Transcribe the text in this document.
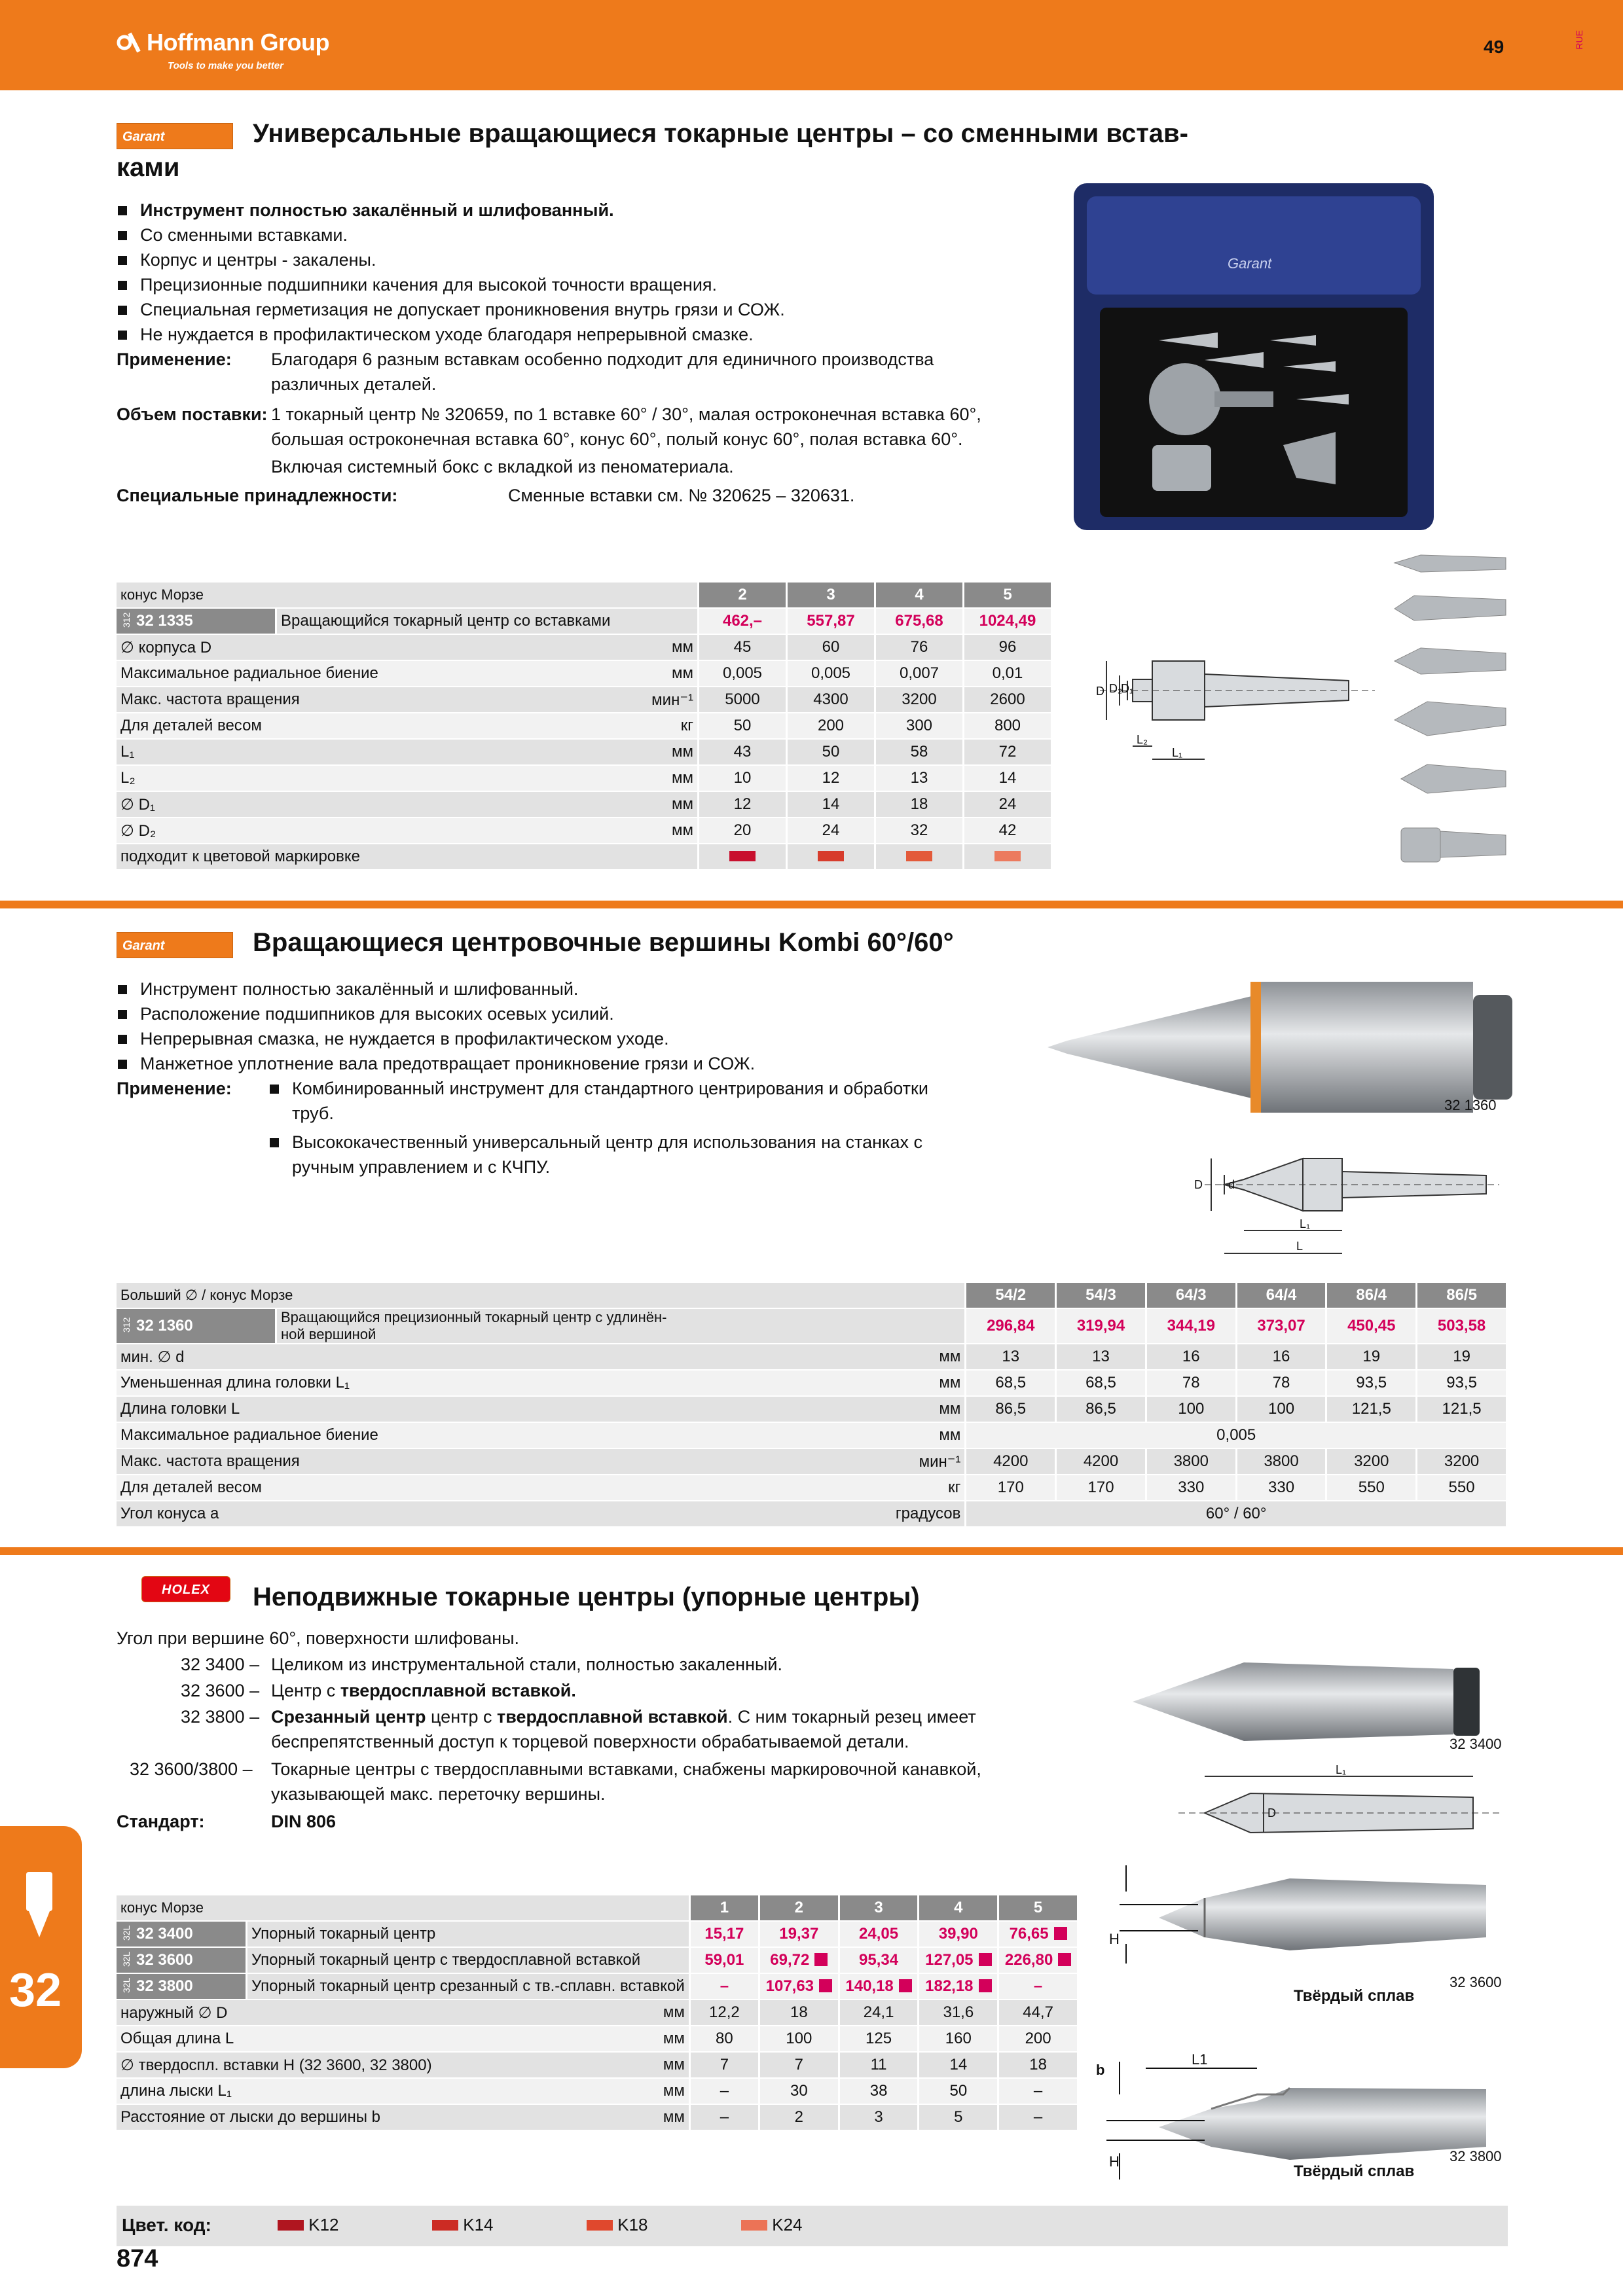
Hoffmann Group
Tools to make you better
49	RUE
Garant	Универсальные вращающиеся токарные центры – со сменными встав-
ками
Инструмент полностью закалённый и шлифованный.
Со сменными вставками.
Корпус и центры - закалены.
Прецизионные подшипники качения для высокой точности вращения.
Специальная герметизация не допускает проникновения внутрь грязи и СОЖ.
Не нуждается в профилактическом уходе благодаря непрерывной смазке.
Применение: Благодаря 6 разным вставкам особенно подходит для единичного производства
различных деталей.
Объем поставки: 1 токарный центр № 320659, по 1 вставке 60° / 30°, малая остроконечная вставка 60°,
большая остроконечная вставка 60°, конус 60°, полый конус 60°, полая вставка 60°.
Включая системный бокс с вкладкой из пеноматериала.
Специальные принадлежности:	Сменные вставки см. № 320625 – 320631.
Garant
D D₂
D₁
L₂
L₁
конус Морзе		2	3	4	5
312 32 1335	Вращающийся токарный центр со вставками	462,–	557,87	675,68	1024,49
∅ корпуса D мм		45	60	76	96
Максимальное радиальное биение мм		0,005	0,005	0,007	0,01
Макс. частота вращения мин⁻¹		5000	4300	3200	2600
Для деталей весом кг		50	200	300	800
L₁ мм		43	50	58	72
L₂ мм		10	12	13	14
∅ D₁ мм		12	14	18	24
∅ D₂ мм		20	24	32	42
подходит к цветовой маркировке					
Garant	Вращающиеся центровочные вершины Kombi 60°/60°
Инструмент полностью закалённый и шлифованный.
Расположение подшипников для высоких осевых усилий.
Непрерывная смазка, не нуждается в профилактическом уходе.
Манжетное уплотнение вала предотвращает проникновение грязи и СОЖ.
Применение:	Комбинированный инструмент для стандартного центрирования и обработки
труб.
Высококачественный универсальный центр для использования на станках с
ручным управлением и с КЧПУ.
32 1360
D d
L₁
L
Больший ∅ / конус Морзе		54/2	54/3	64/3	64/4	86/4	86/5
312 32 1360	Вращающийся прецизионный токарный центр с удлинён-
ной вершиной	296,84	319,94	344,19	373,07	450,45	503,58
мин. ∅ d мм		13	13	16	16	19	19
Уменьшенная длина головки L₁ мм		68,5	68,5	78	78	93,5	93,5
Длина головки L мм		86,5	86,5	100	100	121,5	121,5
Максимальное радиальное биение мм		0,005					
Макс. частота вращения мин⁻¹		4200	4200	3800	3800	3200	3200
Для деталей весом кг		170	170	330	330	550	550
Угол конуса a градусов		60° / 60°					
HOLEX	Неподвижные токарные центры (упорные центры)
Угол при вершине 60°, поверхности шлифованы.
32 3400 – Целиком из инструментальной стали, полностью закаленный.
32 3600 – Центр с твердосплавной вставкой.
32 3800 – Срезанный центр центр с твердосплавной вставкой. С ним токарный резец имеет
беспрепятственный доступ к торцевой поверхности обрабатываемой детали.
32 3600/3800 – Токарные центры с твердосплавными вставками, снабжены маркировочной канавкой,
указывающей макс. переточку вершины.
Стандарт:	DIN 806
32 3400
L₁
D
H
Твёрдый сплав
32 3600
b
L1
H	32 3800
Твёрдый сплав
конус Морзе		1	2	3	4	5
32L 32 3400	Упорный токарный центр	15,17	19,37	24,05	39,90	76,65
32L 32 3600	Упорный токарный центр с твердосплавной вставкой	59,01	69,72	95,34	127,05	226,80
32L 32 3800	Упорный токарный центр срезанный с тв.-сплавн. вставкой	–	107,63	140,18	182,18	–
наружный ∅ D мм		12,2	18	24,1	31,6	44,7
Общая длина L мм		80	100	125	160	200
∅ твердоспл. вставки H (32 3600, 32 3800) мм		7	7	11	14	18
длина лыски L₁ мм		–	30	38	50	–
Расстояние от лыски до вершины b мм		–	2	3	5	–
Цвет. код:	K12	K14	K18	K24
32
874
